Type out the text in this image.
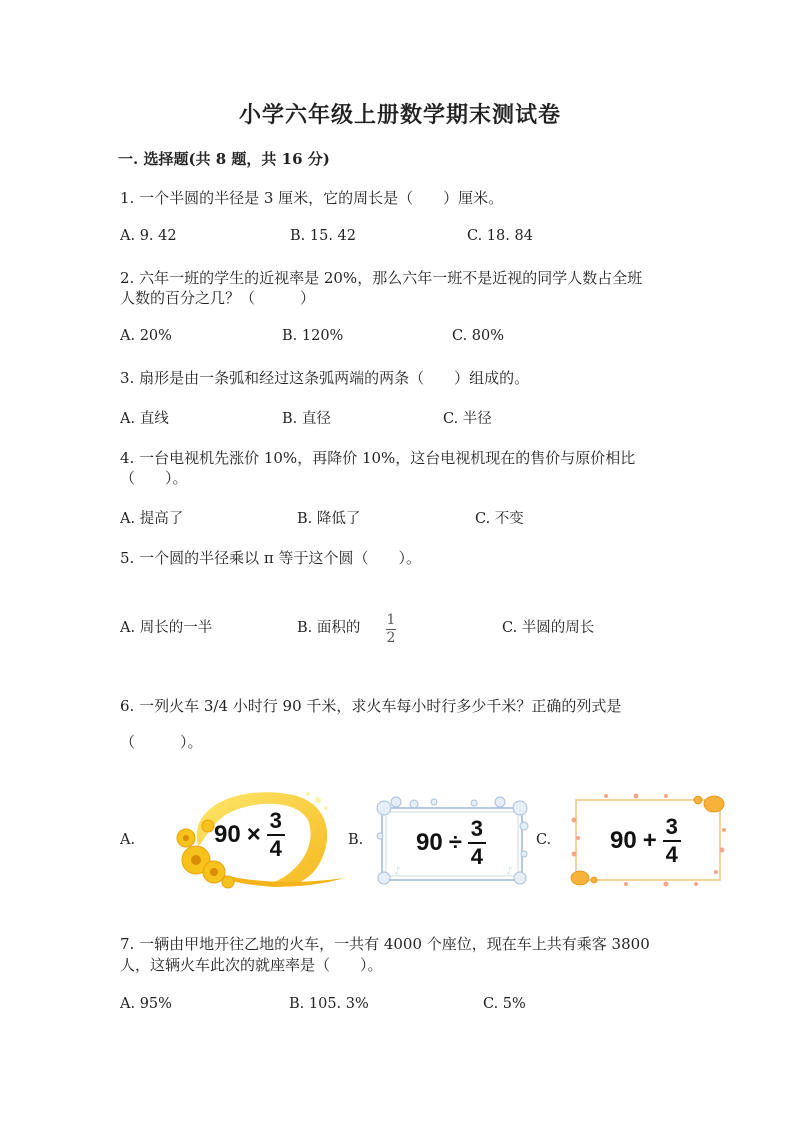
小学六年级上册数学期末测试卷
一. 选择题(共 8 题，共 16 分)
1. 一个半圆的半径是 3 厘米，它的周长是（　　）厘米。
A. 9. 42	B. 15. 42	C. 18. 84
2. 六年一班的学生的近视率是 20%，那么六年一班不是近视的同学人数占全班
人数的百分之几？（　　　）
A. 20%	B. 120%	C. 80%
3. 扇形是由一条弧和经过这条弧两端的两条（　　）组成的。
A. 直线	B. 直径	C. 半径
4. 一台电视机先涨价 10%，再降价 10%，这台电视机现在的售价与原价相比
（　　）。
A. 提高了	B. 降低了	C. 不变
5. 一个圆的半径乘以 π 等于这个圆（　　）。
A. 周长的一半	B. 面积的 $\frac{1}{2}$	C. 半圆的周长
6. 一列火车 3/4 小时行 90 千米，求火车每小时行多少千米？正确的列式是
（　　　）。
A.	B.	C.
90 ×
3
4
♪	♪
90 ÷
3
4
90 +
3
4
7. 一辆由甲地开往乙地的火车，一共有 4000 个座位，现在车上共有乘客 3800
人，这辆火车此次的就座率是（　　）。
A. 95%	B. 105. 3%	C. 5%
